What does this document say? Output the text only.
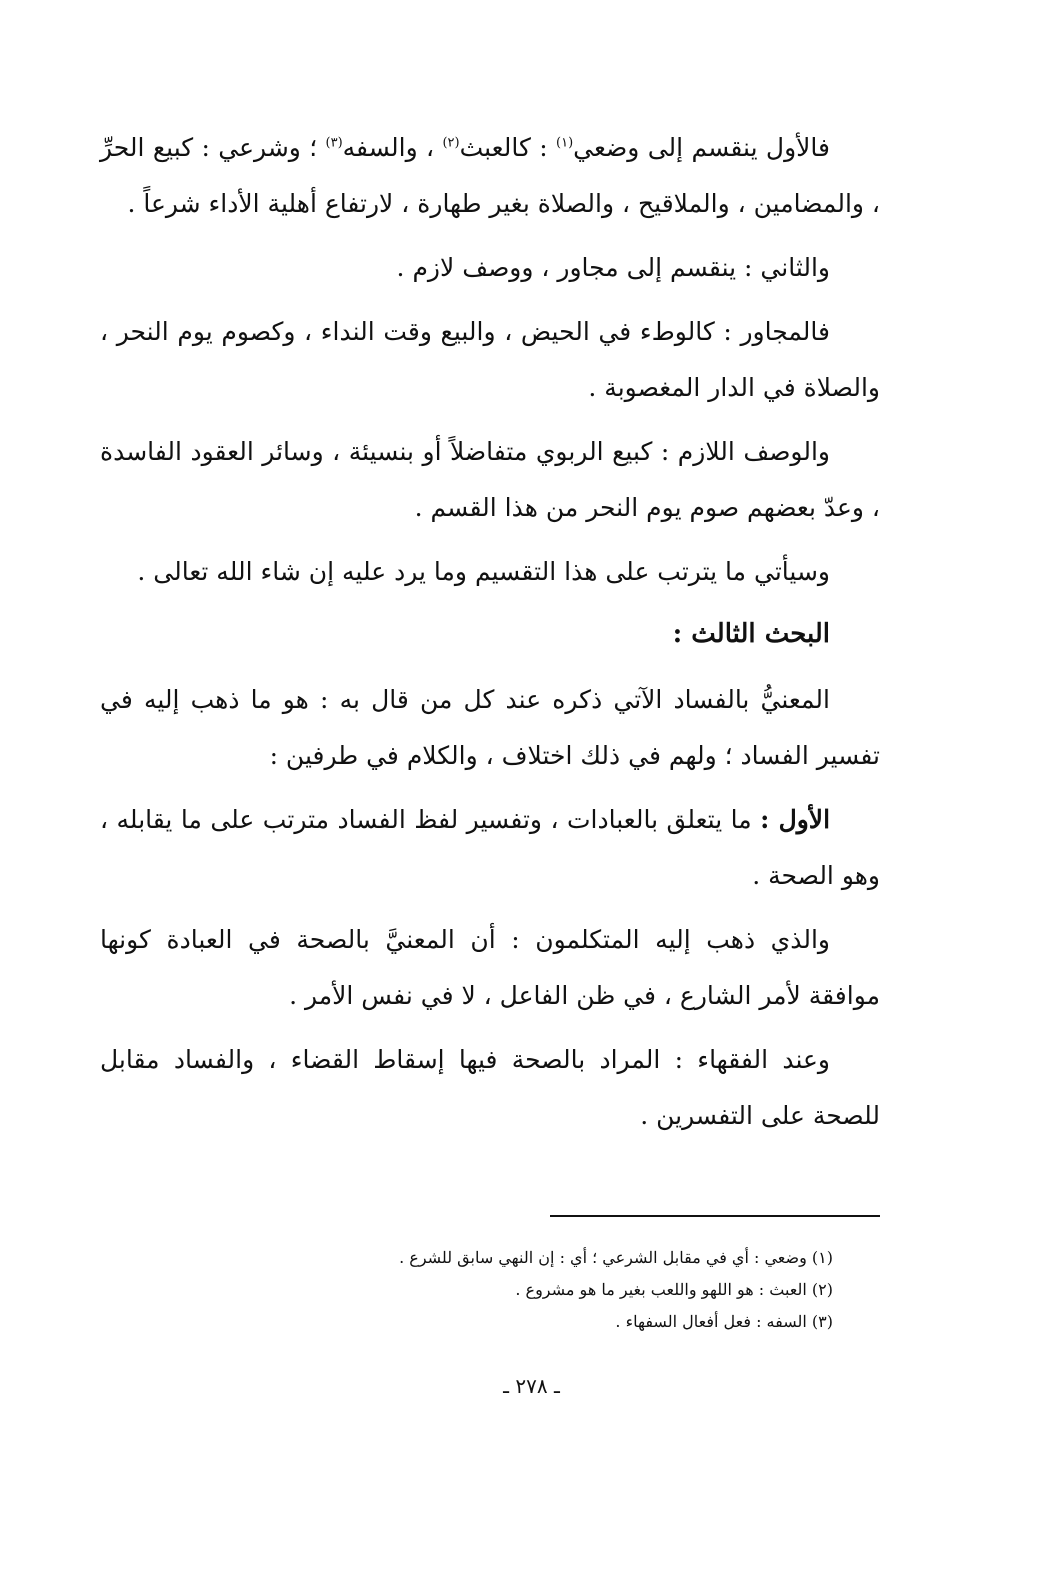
فالأول ينقسم إلى وضعي$^{(١)}$ : كالعبث$^{(٢)}$ ، والسفه$^{(٣)}$ ؛ وشرعي : كبيع الحرِّ ، والمضامين ، والملاقيح ، والصلاة بغير طهارة ، لارتفاع أهلية الأداء شرعاً .

والثاني : ينقسم إلى مجاور ، ووصف لازم .

فالمجاور : كالوطء في الحيض ، والبيع وقت النداء ، وكصوم يوم النحر ، والصلاة في الدار المغصوبة .

والوصف اللازم : كبيع الربوي متفاضلاً أو بنسيئة ، وسائر العقود الفاسدة ، وعدّ بعضهم صوم يوم النحر من هذا القسم .

وسيأتي ما يترتب على هذا التقسيم وما يرد عليه إن شاء الله تعالى .

البحث الثالث :

المعنيُّ بالفساد الآتي ذكره عند كل من قال به : هو ما ذهب إليه في تفسير الفساد ؛ ولهم في ذلك اختلاف ، والكلام في طرفين :

الأول : ما يتعلق بالعبادات ، وتفسير لفظ الفساد مترتب على ما يقابله ، وهو الصحة .

والذي ذهب إليه المتكلمون : أن المعنيَّ بالصحة في العبادة كونها موافقة لأمر الشارع ، في ظن الفاعل ، لا في نفس الأمر .

وعند الفقهاء : المراد بالصحة فيها إسقاط القضاء ، والفساد مقابل للصحة على التفسرين .

(١) وضعي : أي في مقابل الشرعي ؛ أي : إن النهي سابق للشرع .

(٢) العبث : هو اللهو واللعب بغير ما هو مشروع .

(٣) السفه : فعل أفعال السفهاء .

ـ ٢٧٨ ـ
